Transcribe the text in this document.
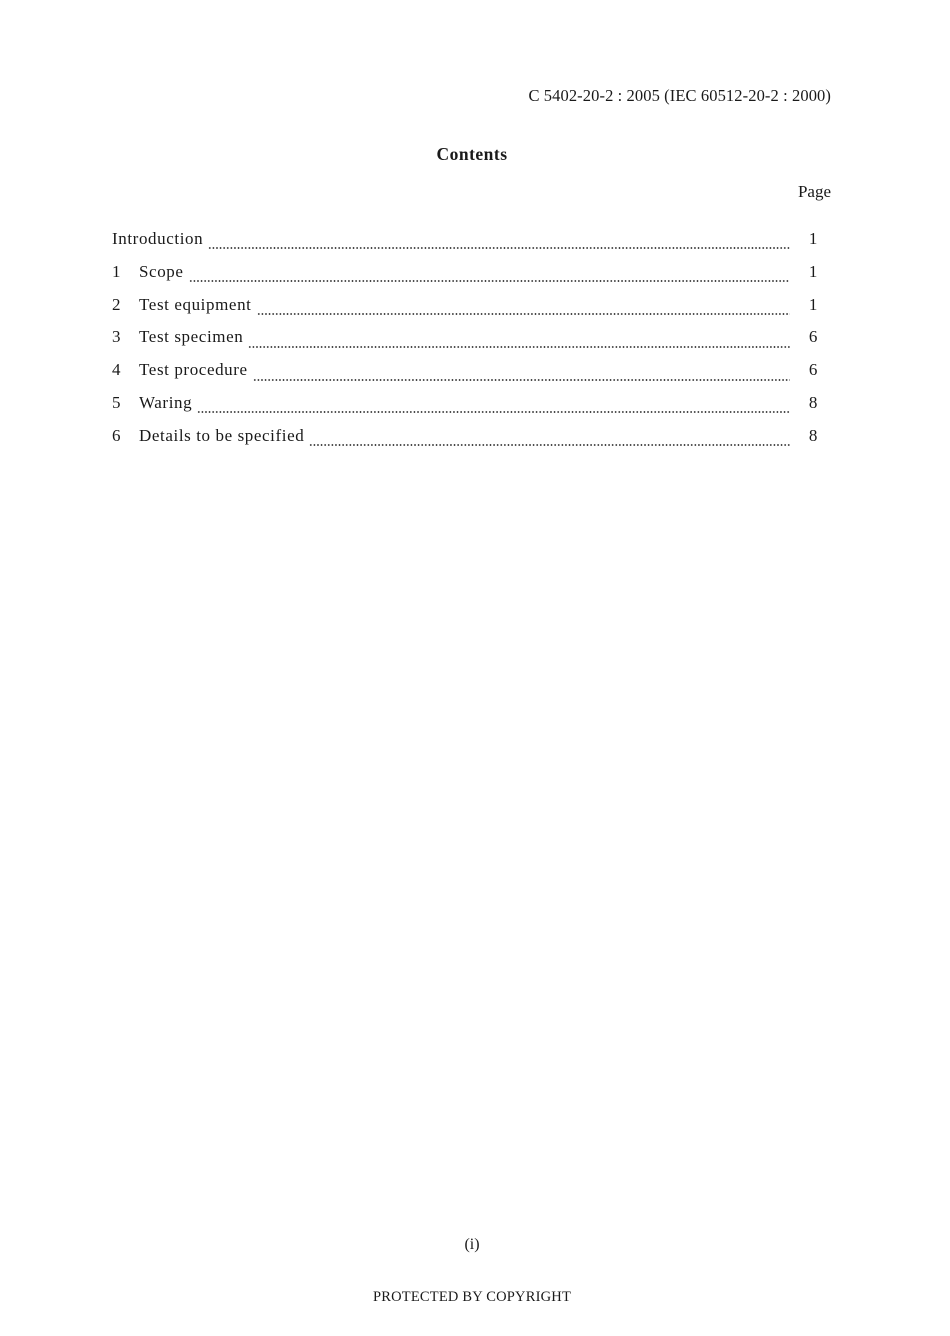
C 5402-20-2 : 2005 (IEC 60512-20-2 : 2000)
Contents
Page
Introduction	1
1	Scope	1
2	Test equipment	1
3	Test specimen	6
4	Test procedure	6
5	Waring	8
6	Details to be specified	8
(i)
PROTECTED BY COPYRIGHT
